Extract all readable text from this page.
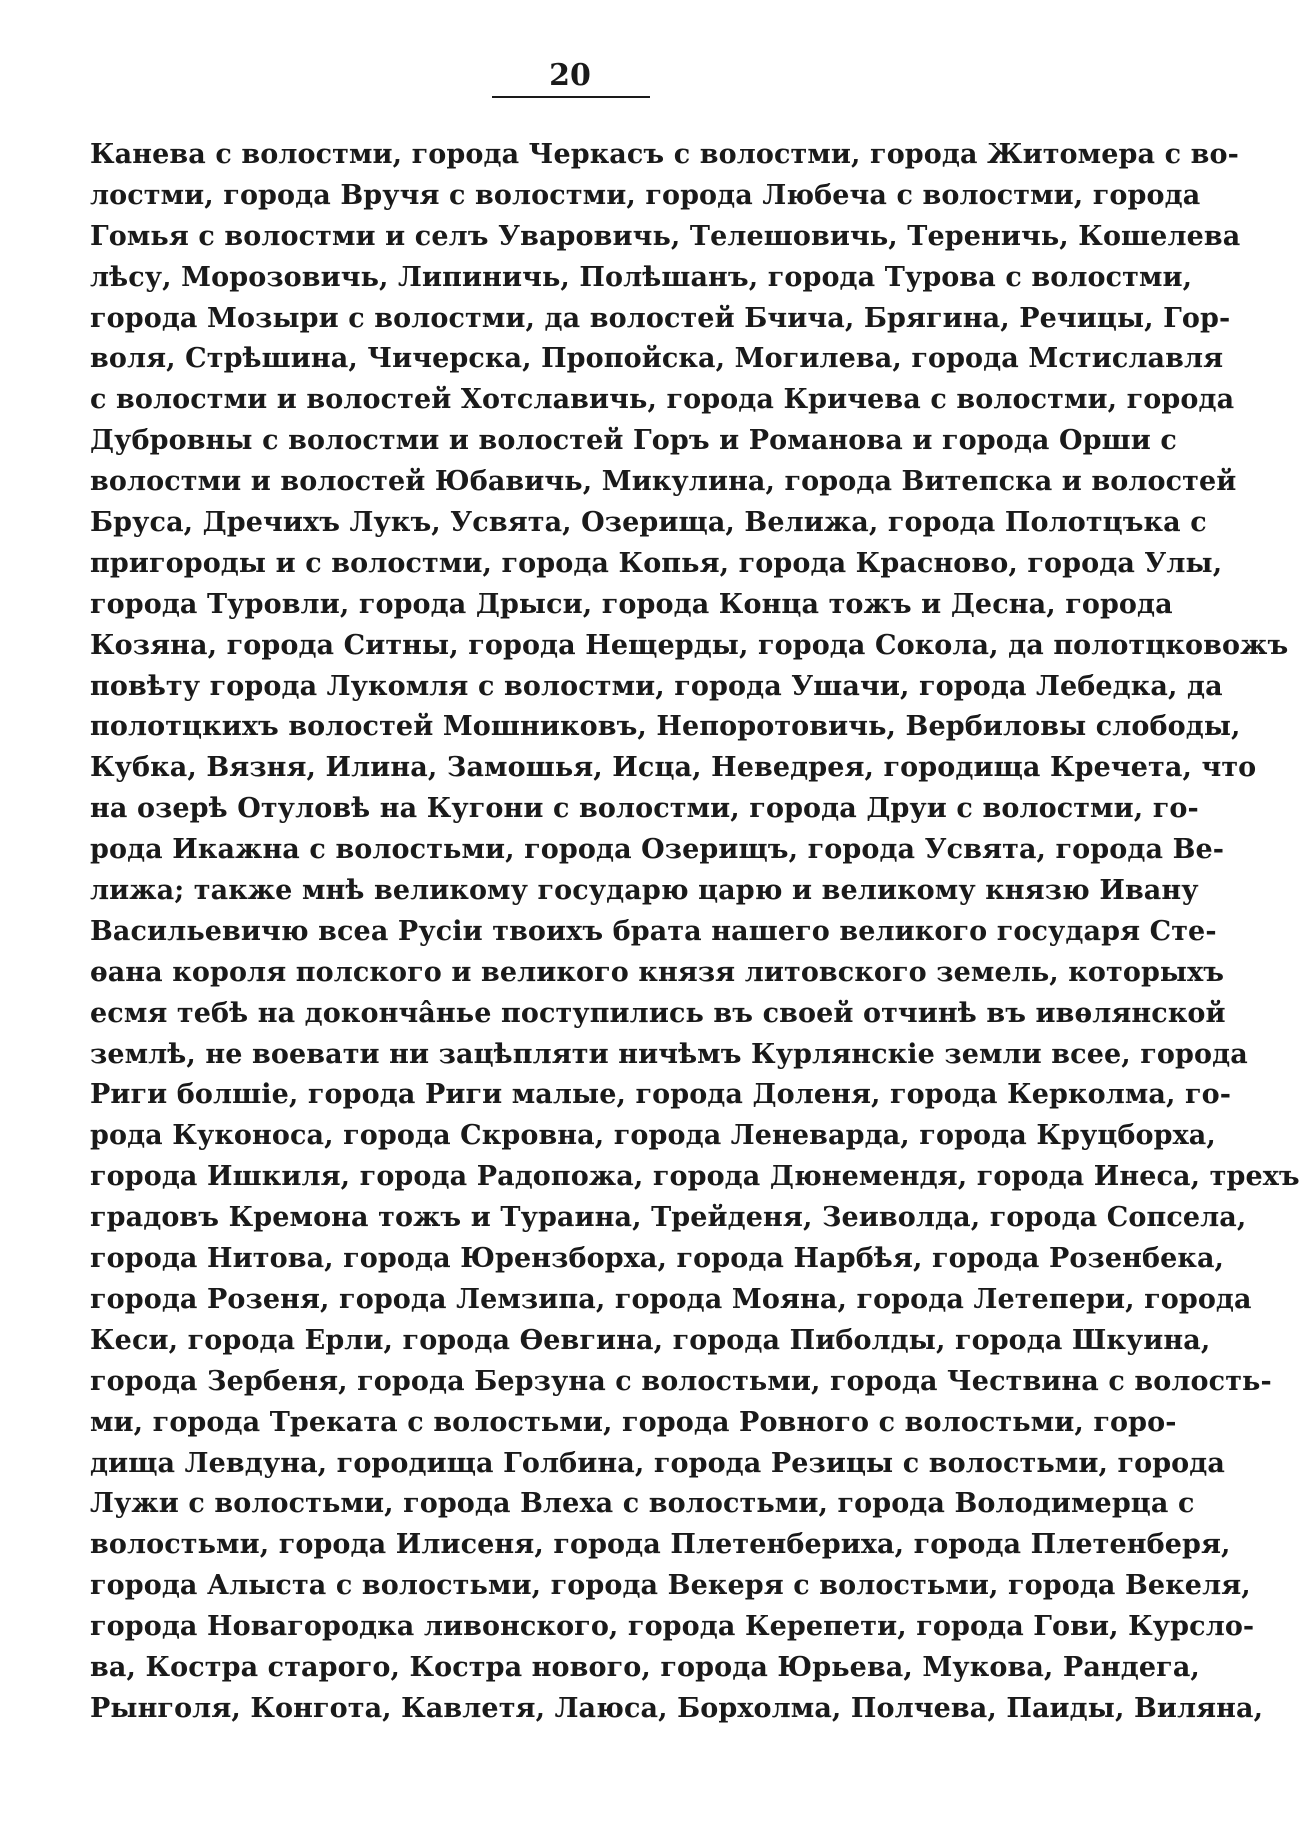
20
Канева с волостми, города Черкасъ с волостми, города Житомера с во-
лостми, города Вручя с волостми, города Любеча с волостми, города
Гомья с волостми и селъ Уваровичь, Телешовичь, Тереничь, Кошелева
лѣсу, Морозовичь, Липиничь, Полѣшанъ, города Турова с волостми,
города Мозыри с волостми, да волостей Бчича, Брягина, Речицы, Гор-
воля, Стрѣшина, Чичерска, Пропойска, Могилева, города Мстиславля
с волостми и волостей Хотславичь, города Кричева с волостми, города
Дубровны с волостми и волостей Горъ и Романова и города Орши с
волостми и волостей Юбавичь, Микулина, города Витепска и волостей
Бруса, Дречихъ Лукъ, Усвята, Озерища, Велижа, города Полотцъка с
пригороды и с волостми, города Копья, города Красново, города Улы,
города Туровли, города Дрыси, города Конца тожъ и Десна, города
Козяна, города Ситны, города Нещерды, города Сокола, да полотцковожъ
повѣту города Лукомля с волостми, города Ушачи, города Лебедка, да
полотцкихъ волостей Мошниковъ, Непоротовичь, Вербиловы слободы,
Кубка, Вязня, Илина, Замошья, Исца, Неведрея, городища Кречета, что
на озерѣ Отуловѣ на Кугони с волостми, города Друи с волостми, го-
рода Икажна с волостьми, города Озерищъ, города Усвята, города Ве-
лижа; также мнѣ великому государю царю и великому князю Ивану
Васильевичю всеа Русіи твоихъ брата нашего великого государя Сте-
ѳана короля полского и великого князя литовского земель, которыхъ
есмя тебѣ на доконча̂нье поступились въ своей отчинѣ въ ивѳлянской
землѣ, не воевати ни зацѣпляти ничѣмъ Курлянскіе земли всее, города
Риги болшіе, города Риги малые, города Доленя, города Керколма, го-
рода Куконоса, города Скровна, города Леневарда, города Круцборха,
города Ишкиля, города Радопожа, города Дюнемендя, города Инеса, трехъ
градовъ Кремона тожъ и Тураина, Трейденя, Зеиволда, города Сопсела,
города Нитова, города Юрензборха, города Нарбѣя, города Розенбека,
города Розеня, города Лемзипа, города Мояна, города Летепери, города
Кеси, города Ерли, города Ѳевгина, города Пиболды, города Шкуина,
города Зербеня, города Берзуна с волостьми, города Чествина с волость-
ми, города Треката с волостьми, города Ровного с волостьми, горо-
дища Левдуна, городища Голбина, города Резицы с волостьми, города
Лужи с волостьми, города Влеха с волостьми, города Володимерца с
волостьми, города Илисеня, города Плетенбериха, города Плетенберя,
города Алыста с волостьми, города Векеря с волостьми, города Векеля,
города Новагородка ливонского, города Керепети, города Гови, Курсло-
ва, Костра старого, Костра нового, города Юрьева, Мукова, Рандега,
Рынголя, Конгота, Кавлетя, Лаюса, Борхолма, Полчева, Паиды, Виляна,
